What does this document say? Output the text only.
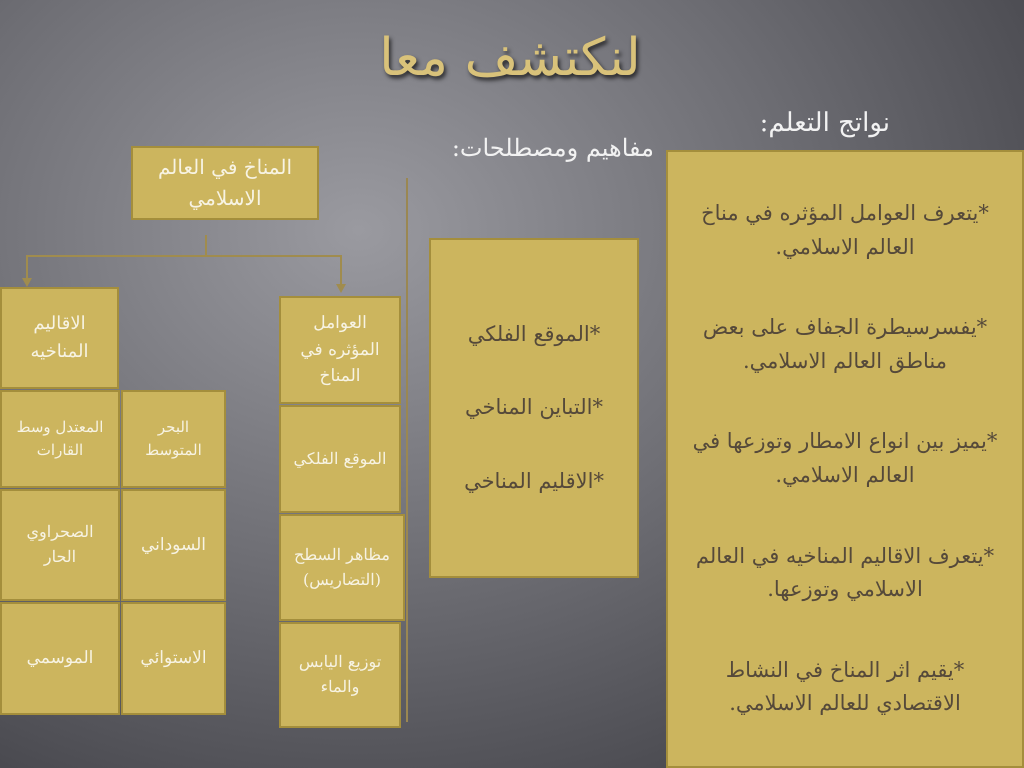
لنكتشف معا
نواتج التعلم:
مفاهيم ومصطلحات:
المناخ في العالم الاسلامي
العوامل المؤثره في المناخ
الموقع الفلكي
مظاهر السطح (التضاريس)
توزيع اليابس والماء
الاقاليم المناخيه
المعتدل وسط القارات
البحر المتوسط
الصحراوي الحار
السوداني
الموسمي	الاستوائي
*الموقع الفلكي
*التباين المناخي
*الاقليم المناخي
*يتعرف العوامل المؤثره في مناخ العالم الاسلامي.
*يفسرسيطرة الجفاف على بعض مناطق العالم الاسلامي.
*يميز بين انواع الامطار وتوزعها في العالم الاسلامي.
*يتعرف الاقاليم المناخيه في العالم الاسلامي وتوزعها.
*يقيم اثر المناخ في النشاط الاقتصادي للعالم الاسلامي.
